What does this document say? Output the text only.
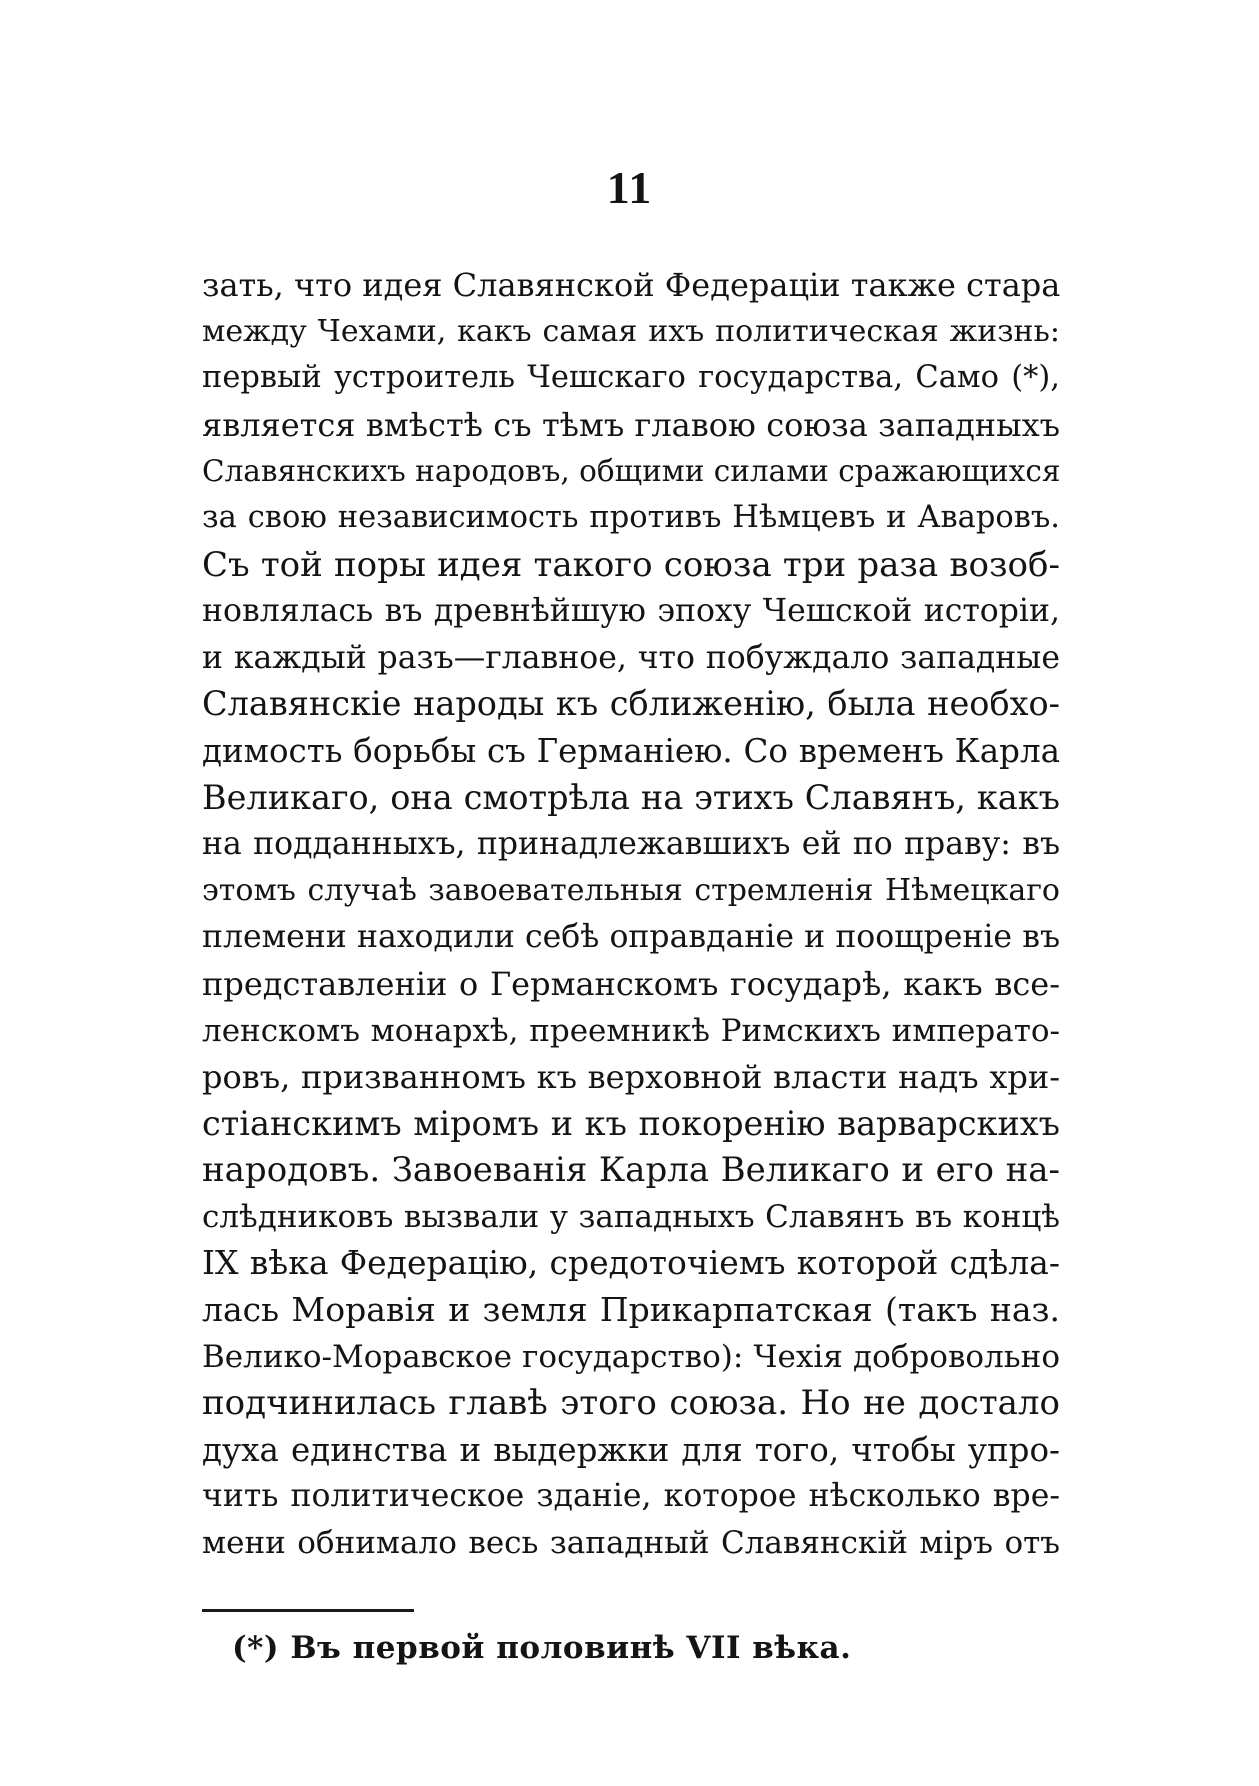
11
зать, что идея Славянской Федераціи также стара
между Чехами, какъ самая ихъ политическая жизнь:
первый устроитель Чешскаго государства, Само (*),
является вмѣстѣ съ тѣмъ главою союза западныхъ
Славянскихъ народовъ, общими силами сражающихся
за свою независимость противъ Нѣмцевъ и Аваровъ.
Съ той поры идея такого союза три раза возоб-
новлялась въ древнѣйшую эпоху Чешской исторіи,
и каждый разъ—главное, что побуждало западные
Славянскіе народы къ сближенію, была необхо-
димость борьбы съ Германіею. Со временъ Карла
Великаго, она смотрѣла на этихъ Славянъ, какъ
на подданныхъ, принадлежавшихъ ей по праву: въ
этомъ случаѣ завоевательныя стремленія Нѣмецкаго
племени находили себѣ оправданіе и поощреніе въ
представленіи о Германскомъ государѣ, какъ все-
ленскомъ монархѣ, преемникѣ Римскихъ императо-
ровъ, призванномъ къ верховной власти надъ хри-
стіанскимъ міромъ и къ покоренію варварскихъ
народовъ. Завоеванія Карла Великаго и его на-
слѣдниковъ вызвали у западныхъ Славянъ въ концѣ
IX вѣка Федерацію, средоточіемъ которой сдѣла-
лась Моравія и земля Прикарпатская (такъ наз.
Велико-Моравское государство): Чехія добровольно
подчинилась главѣ этого союза. Но не достало
духа единства и выдержки для того, чтобы упро-
чить политическое зданіе, которое нѣсколько вре-
мени обнимало весь западный Славянскій міръ отъ
(*) Въ первой половинѣ VII вѣка.
